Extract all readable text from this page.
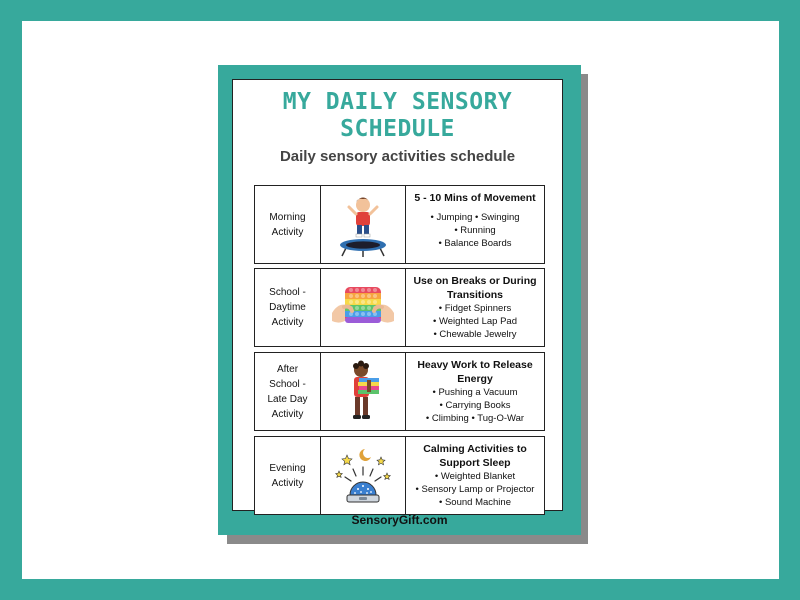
MY DAILY SENSORY
SCHEDULE
Daily sensory activities schedule
Morning
Activity
5 - 10 Mins of Movement
• Jumping • Swinging
• Running
• Balance Boards
School -
Daytime
Activity
Use on Breaks or During Transitions
• Fidget Spinners
• Weighted Lap Pad
• Chewable Jewelry
After
School -
Late Day
Activity
Heavy Work to Release Energy
• Pushing a Vacuum
• Carrying Books
• Climbing • Tug-O-War
Evening
Activity
Calming Activities to Support Sleep
• Weighted Blanket
• Sensory Lamp or Projector
• Sound Machine
SensoryGift.com
